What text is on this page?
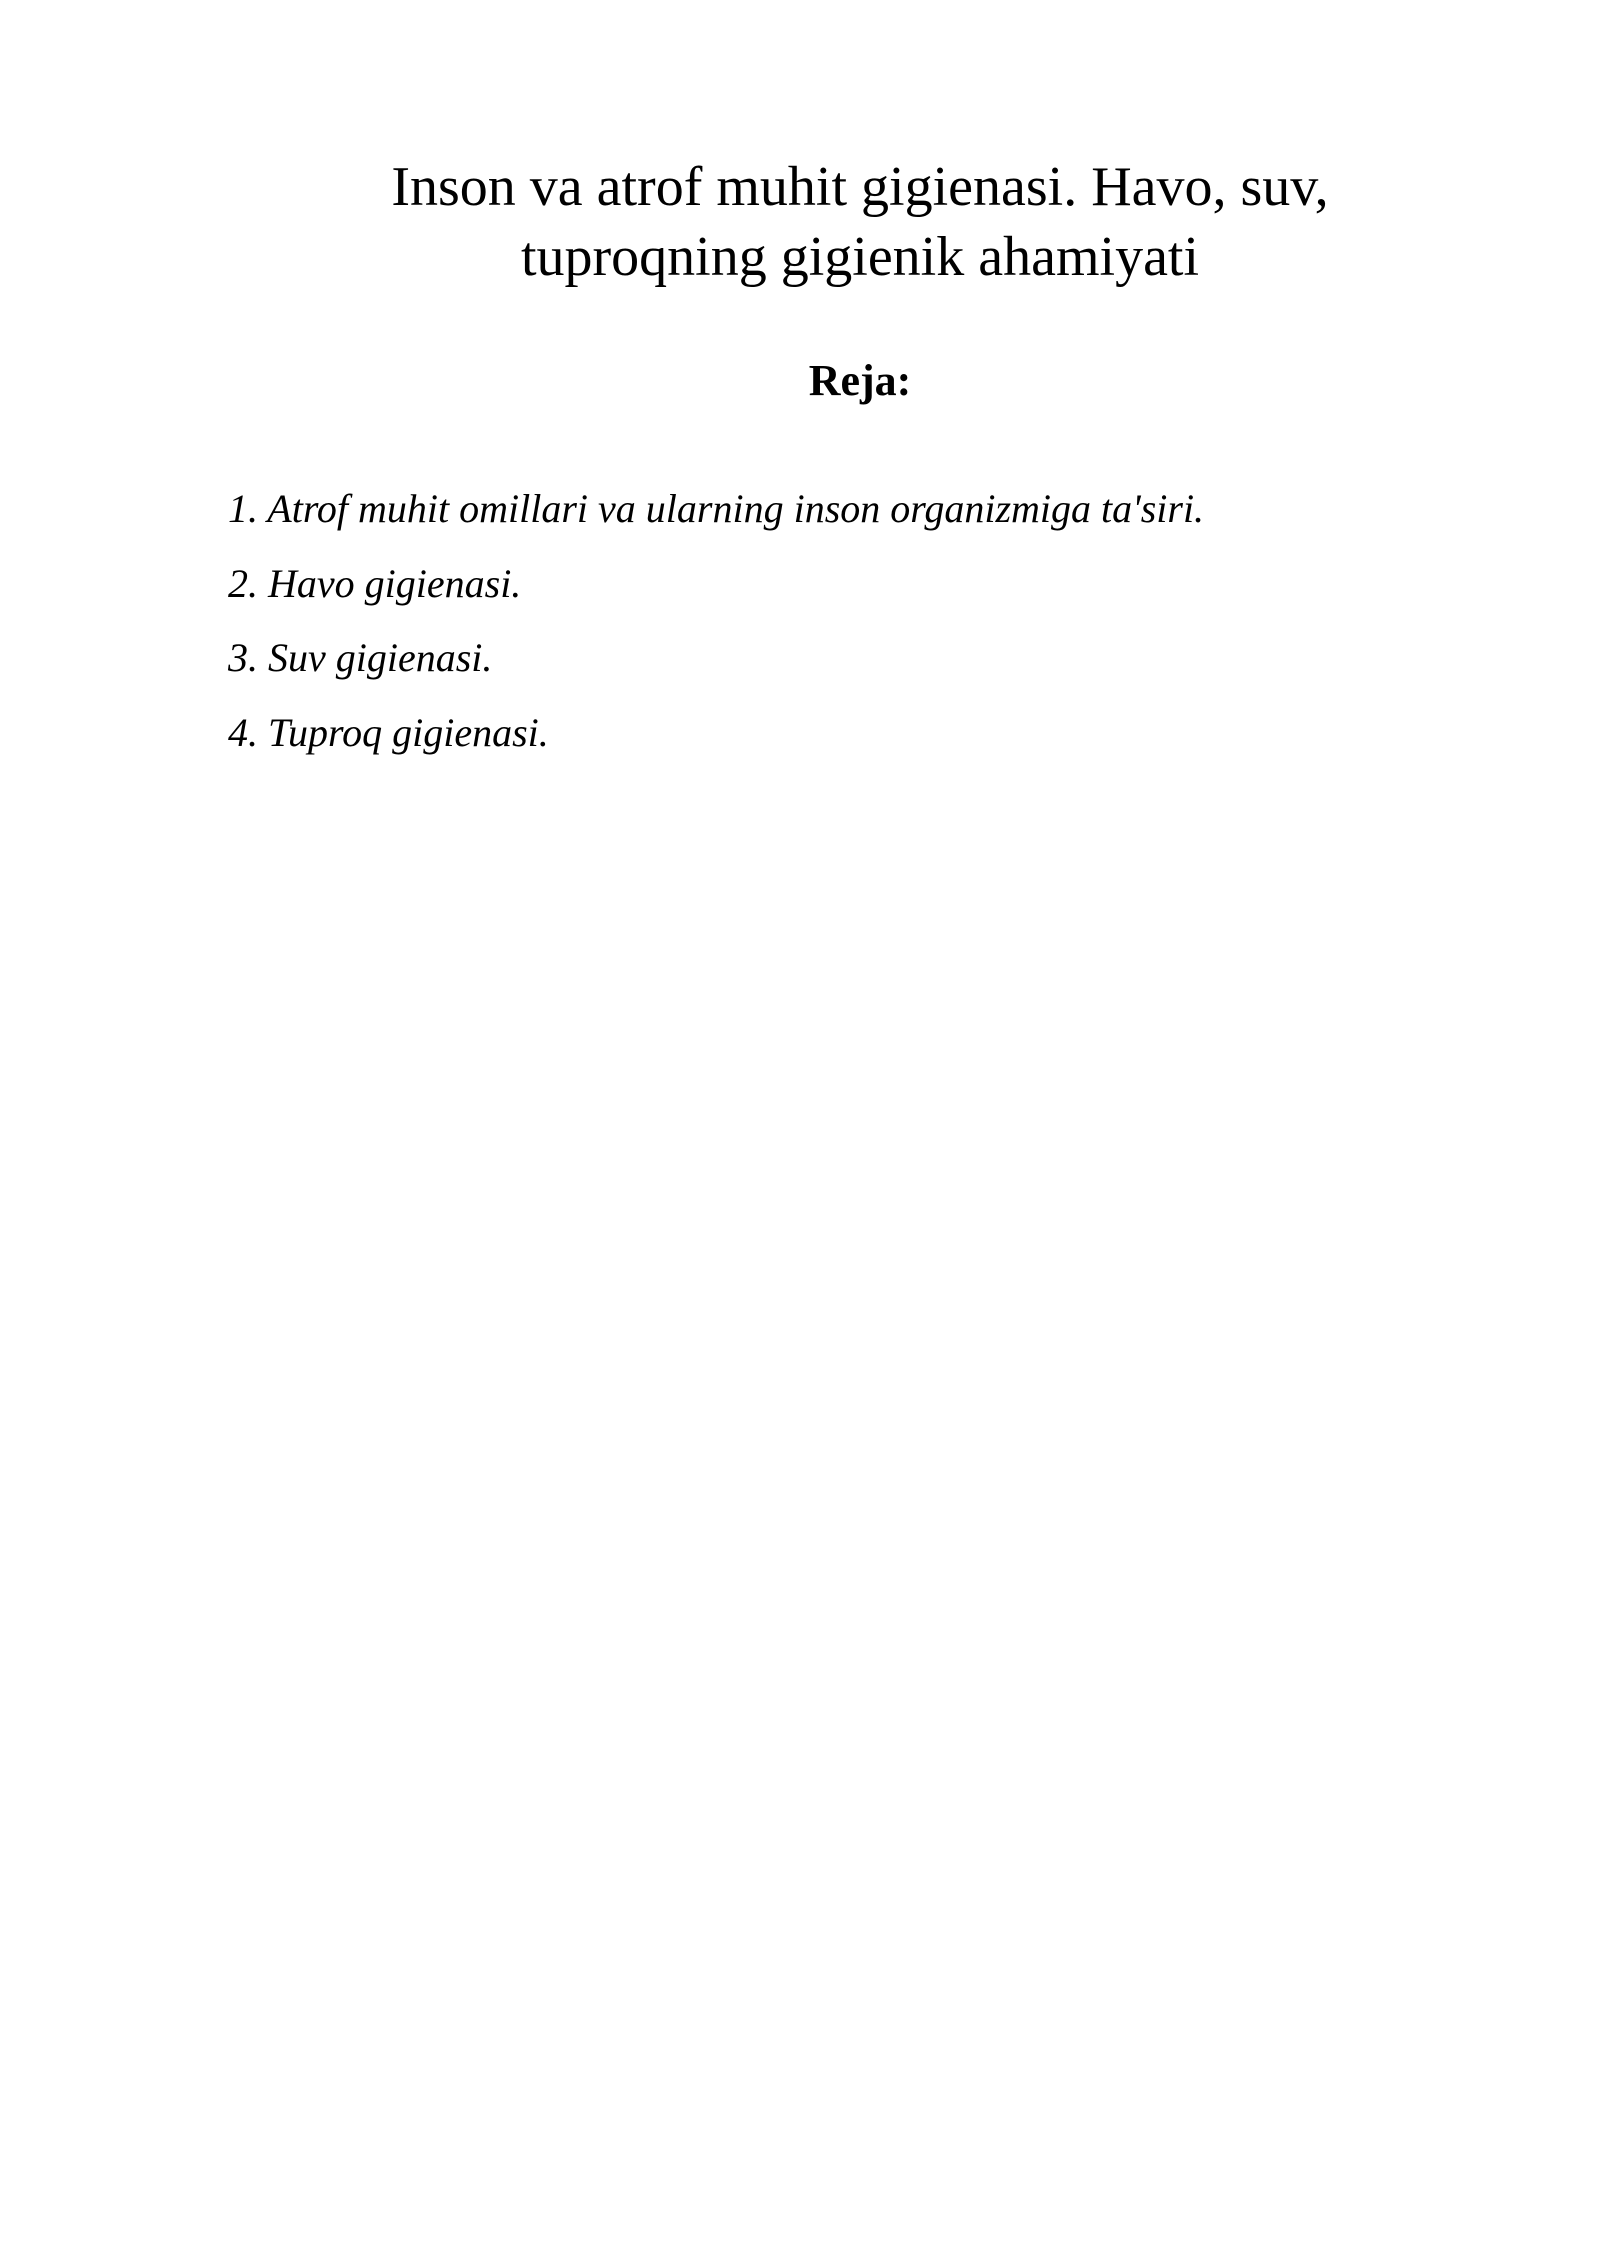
Inson va atrof muhit gigienasi. Havo, suv,
tuproqning gigienik ahamiyati
Reja:
1. Atrof muhit omillari va ularning inson organizmiga ta'siri.
2. Havo gigienasi.
3. Suv gigienasi.
4. Tuproq gigienasi.
